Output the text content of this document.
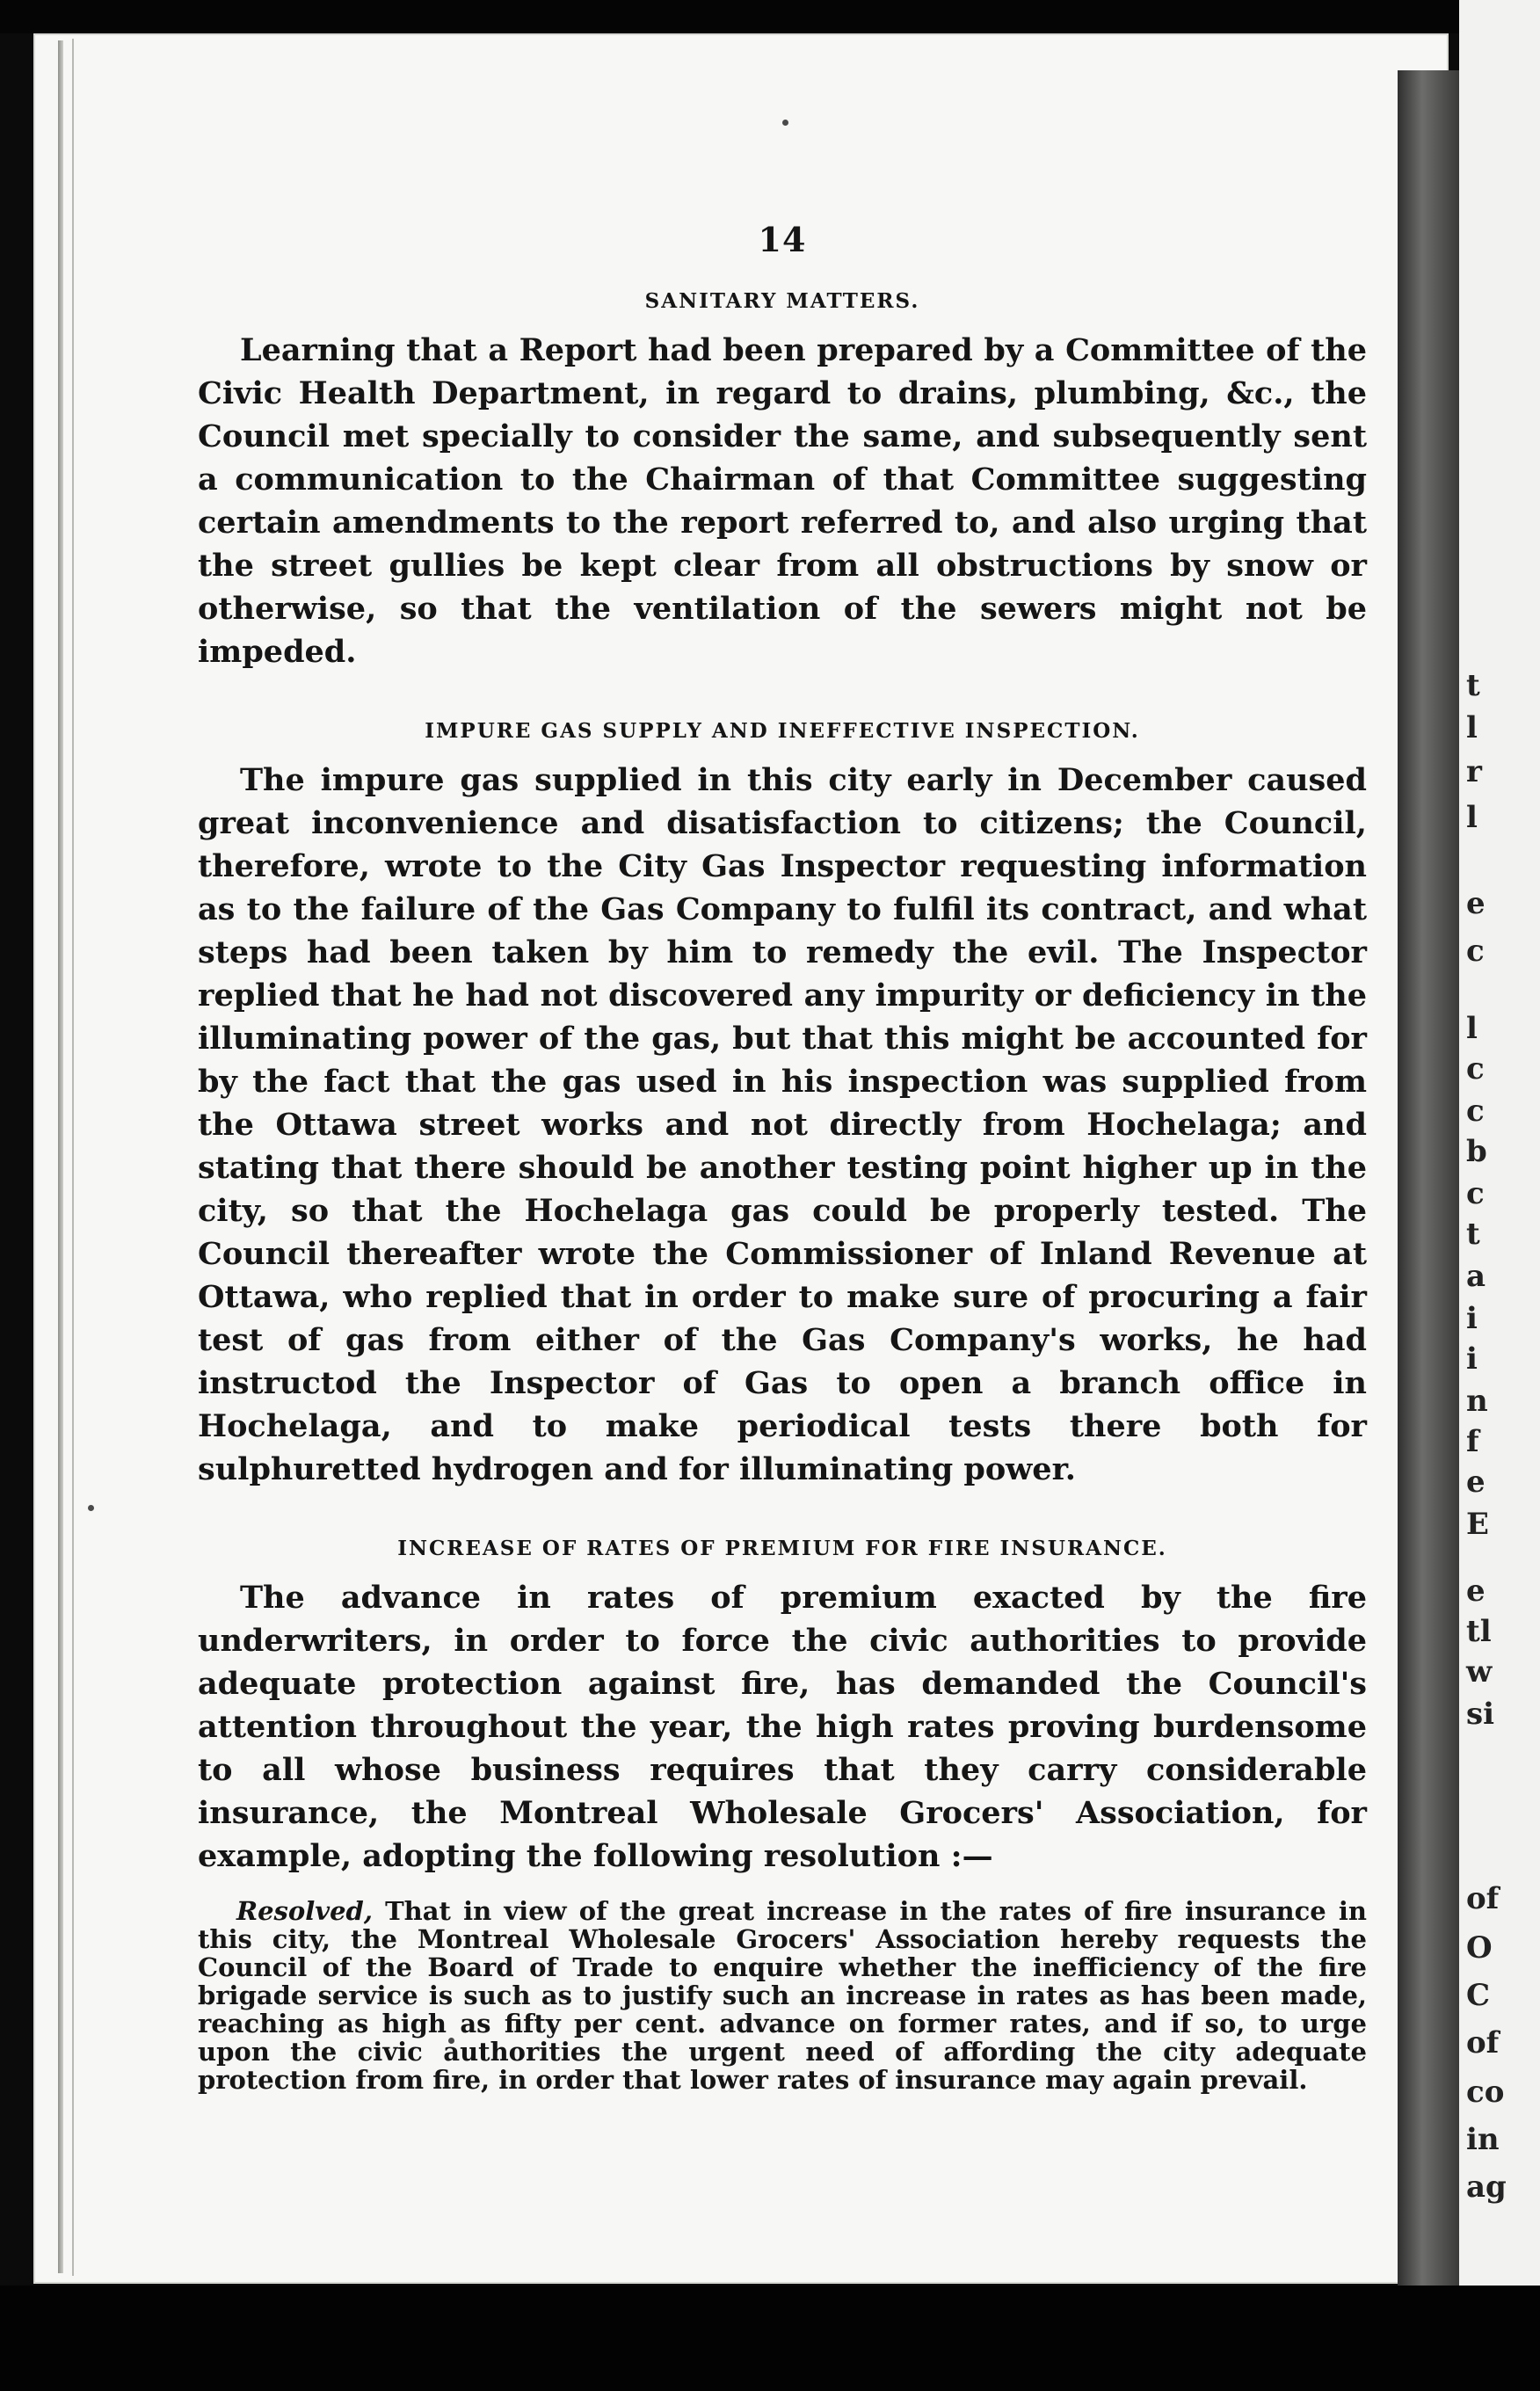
t
l
r
l
e
c
l
c
c
b
c
t
a
i
i
n
f
e
E
e
tl
w
si
of
O
C
of
co
in
ag
14
SANITARY MATTERS.

Learning that a Report had been prepared by a Committee of the Civic Health Department, in regard to drains, plumbing, &c., the Council met specially to consider the same, and subsequently sent a communication to the Chairman of that Committee suggesting certain amendments to the report referred to, and also urging that the street gullies be kept clear from all obstructions by snow or otherwise, so that the ventilation of the sewers might not be impeded.

IMPURE GAS SUPPLY AND INEFFECTIVE INSPECTION.

The impure gas supplied in this city early in December caused great inconvenience and disatisfaction to citizens; the Council, therefore, wrote to the City Gas Inspector requesting information as to the failure of the Gas Company to fulfil its contract, and what steps had been taken by him to remedy the evil. The Inspector replied that he had not discovered any impurity or deficiency in the illuminating power of the gas, but that this might be accounted for by the fact that the gas used in his inspection was supplied from the Ottawa street works and not directly from Hochelaga; and stating that there should be another testing point higher up in the city, so that the Hochelaga gas could be properly tested. The Council thereafter wrote the Commissioner of Inland Revenue at Ottawa, who replied that in order to make sure of procuring a fair test of gas from either of the Gas Company's works, he had instructod the Inspector of Gas to open a branch office in Hochelaga, and to make periodical tests there both for sulphuretted hydrogen and for illuminating power.

INCREASE OF RATES OF PREMIUM FOR FIRE INSURANCE.

The advance in rates of premium exacted by the fire underwriters, in order to force the civic authorities to provide adequate protection against fire, has demanded the Council's attention throughout the year, the high rates proving burdensome to all whose business requires that they carry considerable insurance, the Montreal Wholesale Grocers' Association, for example, adopting the following resolution :—

Resolved, That in view of the great increase in the rates of fire insurance in this city, the Montreal Wholesale Grocers' Association hereby requests the Council of the Board of Trade to enquire whether the inefficiency of the fire brigade service is such as to justify such an increase in rates as has been made, reaching as high as fifty per cent. advance on former rates, and if so, to urge upon the civic authorities the urgent need of affording the city adequate protection from fire, in order that lower rates of insurance may again prevail.
